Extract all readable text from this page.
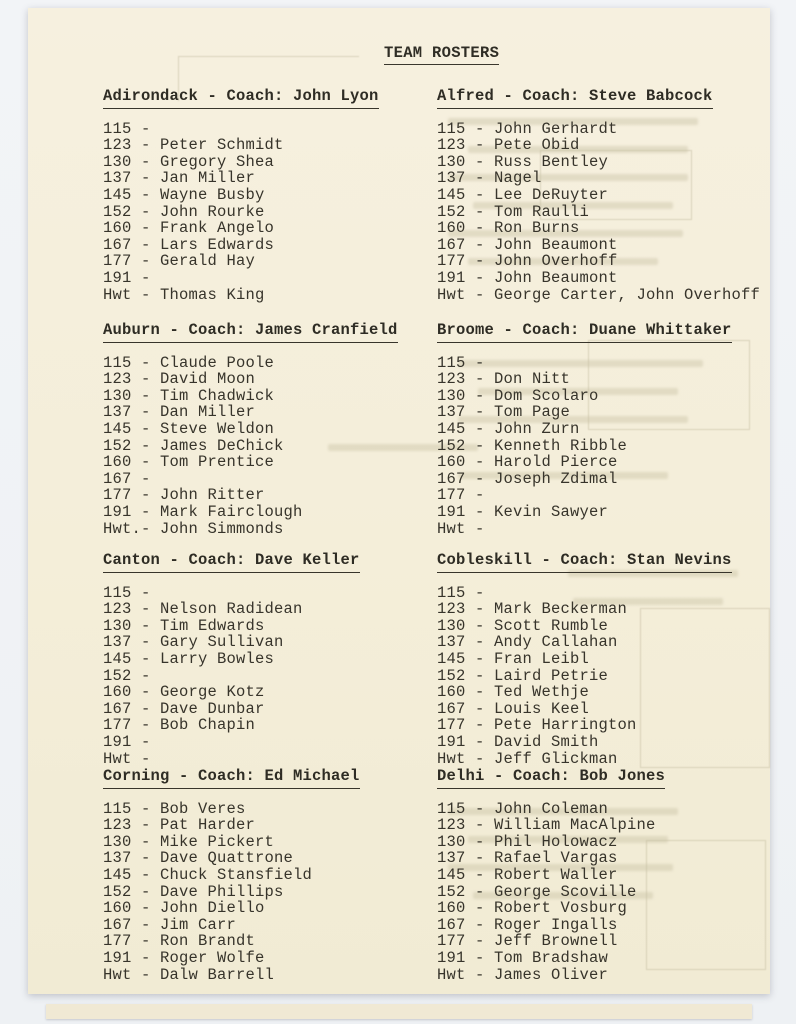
TEAM ROSTERS
Adirondack - Coach: John Lyon
115 -
123 - Peter Schmidt
130 - Gregory Shea
137 - Jan Miller
145 - Wayne Busby
152 - John Rourke
160 - Frank Angelo
167 - Lars Edwards
177 - Gerald Hay
191 -
Hwt - Thomas King
Alfred - Coach: Steve Babcock
115 - John Gerhardt
123 - Pete Obid
130 - Russ Bentley
137 - Nagel
145 - Lee DeRuyter
152 - Tom Raulli
160 - Ron Burns
167 - John Beaumont
177 - John Overhoff
191 - John Beaumont
Hwt - George Carter, John Overhoff
Auburn - Coach: James Cranfield
115 - Claude Poole
123 - David Moon
130 - Tim Chadwick
137 - Dan Miller
145 - Steve Weldon
152 - James DeChick
160 - Tom Prentice
167 -
177 - John Ritter
191 - Mark Fairclough
Hwt.- John Simmonds
Broome - Coach: Duane Whittaker
115 -
123 - Don Nitt
130 - Dom Scolaro
137 - Tom Page
145 - John Zurn
152 - Kenneth Ribble
160 - Harold Pierce
167 - Joseph Zdimal
177 -
191 - Kevin Sawyer
Hwt -
Canton - Coach: Dave Keller
115 -
123 - Nelson Radidean
130 - Tim Edwards
137 - Gary Sullivan
145 - Larry Bowles
152 -
160 - George Kotz
167 - Dave Dunbar
177 - Bob Chapin
191 -
Hwt -
Cobleskill - Coach: Stan Nevins
115 -
123 - Mark Beckerman
130 - Scott Rumble
137 - Andy Callahan
145 - Fran Leibl
152 - Laird Petrie
160 - Ted Wethje
167 - Louis Keel
177 - Pete Harrington
191 - David Smith
Hwt - Jeff Glickman
Corning - Coach: Ed Michael
115 - Bob Veres
123 - Pat Harder
130 - Mike Pickert
137 - Dave Quattrone
145 - Chuck Stansfield
152 - Dave Phillips
160 - John Diello
167 - Jim Carr
177 - Ron Brandt
191 - Roger Wolfe
Hwt - Dalw Barrell
Delhi - Coach: Bob Jones
115 - John Coleman
123 - William MacAlpine
130 - Phil Holowacz
137 - Rafael Vargas
145 - Robert Waller
152 - George Scoville
160 - Robert Vosburg
167 - Roger Ingalls
177 - Jeff Brownell
191 - Tom Bradshaw
Hwt - James Oliver
